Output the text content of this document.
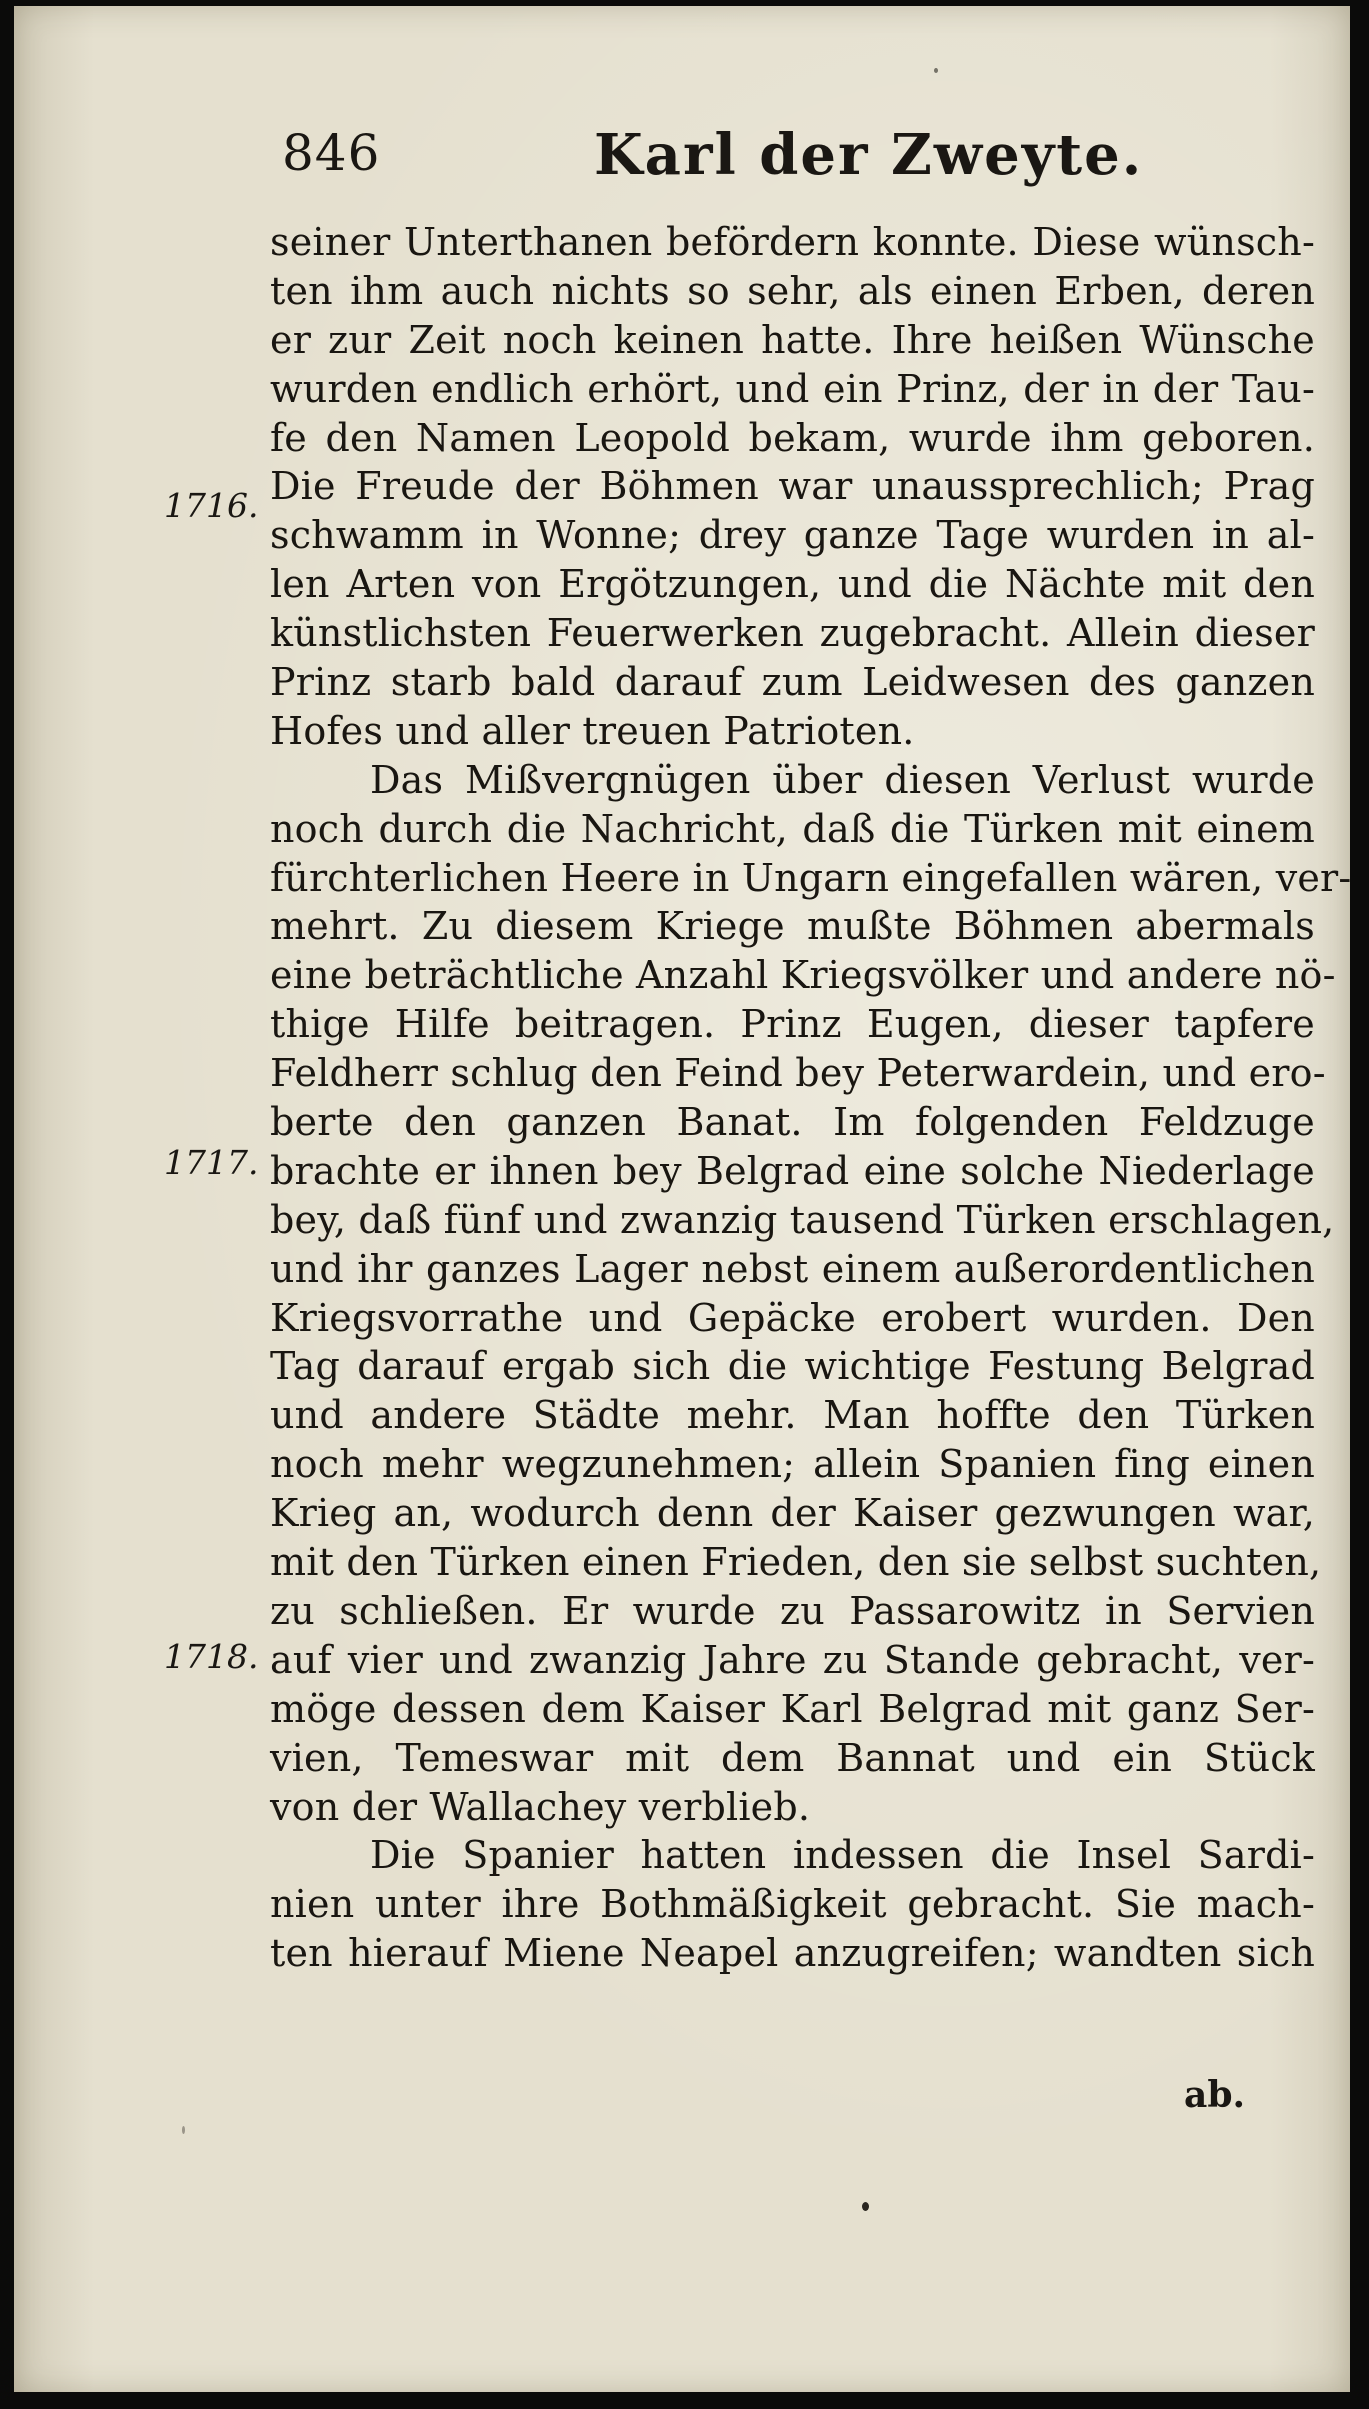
846	Karl der Zweyte.
1716.
1717.
1718.
seiner Unterthanen befördern konnte. Diese wünsch-
ten ihm auch nichts so sehr, als einen Erben, deren
er zur Zeit noch keinen hatte. Ihre heißen Wünsche
wurden endlich erhört, und ein Prinz, der in der Tau-
fe den Namen Leopold bekam, wurde ihm geboren.
Die Freude der Böhmen war unaussprechlich; Prag
schwamm in Wonne; drey ganze Tage wurden in al-
len Arten von Ergötzungen, und die Nächte mit den
künstlichsten Feuerwerken zugebracht. Allein dieser
Prinz starb bald darauf zum Leidwesen des ganzen
Hofes und aller treuen Patrioten.
Das Mißvergnügen über diesen Verlust wurde
noch durch die Nachricht, daß die Türken mit einem
fürchterlichen Heere in Ungarn eingefallen wären, ver-
mehrt. Zu diesem Kriege mußte Böhmen abermals
eine beträchtliche Anzahl Kriegsvölker und andere nö-
thige Hilfe beitragen. Prinz Eugen, dieser tapfere
Feldherr schlug den Feind bey Peterwardein, und ero-
berte den ganzen Banat. Im folgenden Feldzuge
brachte er ihnen bey Belgrad eine solche Niederlage
bey, daß fünf und zwanzig tausend Türken erschlagen,
und ihr ganzes Lager nebst einem außerordentlichen
Kriegsvorrathe und Gepäcke erobert wurden. Den
Tag darauf ergab sich die wichtige Festung Belgrad
und andere Städte mehr. Man hoffte den Türken
noch mehr wegzunehmen; allein Spanien fing einen
Krieg an, wodurch denn der Kaiser gezwungen war,
mit den Türken einen Frieden, den sie selbst suchten,
zu schließen. Er wurde zu Passarowitz in Servien
auf vier und zwanzig Jahre zu Stande gebracht, ver-
möge dessen dem Kaiser Karl Belgrad mit ganz Ser-
vien, Temeswar mit dem Bannat und ein Stück
von der Wallachey verblieb.
Die Spanier hatten indessen die Insel Sardi-
nien unter ihre Bothmäßigkeit gebracht. Sie mach-
ten hierauf Miene Neapel anzugreifen; wandten sich
ab.
